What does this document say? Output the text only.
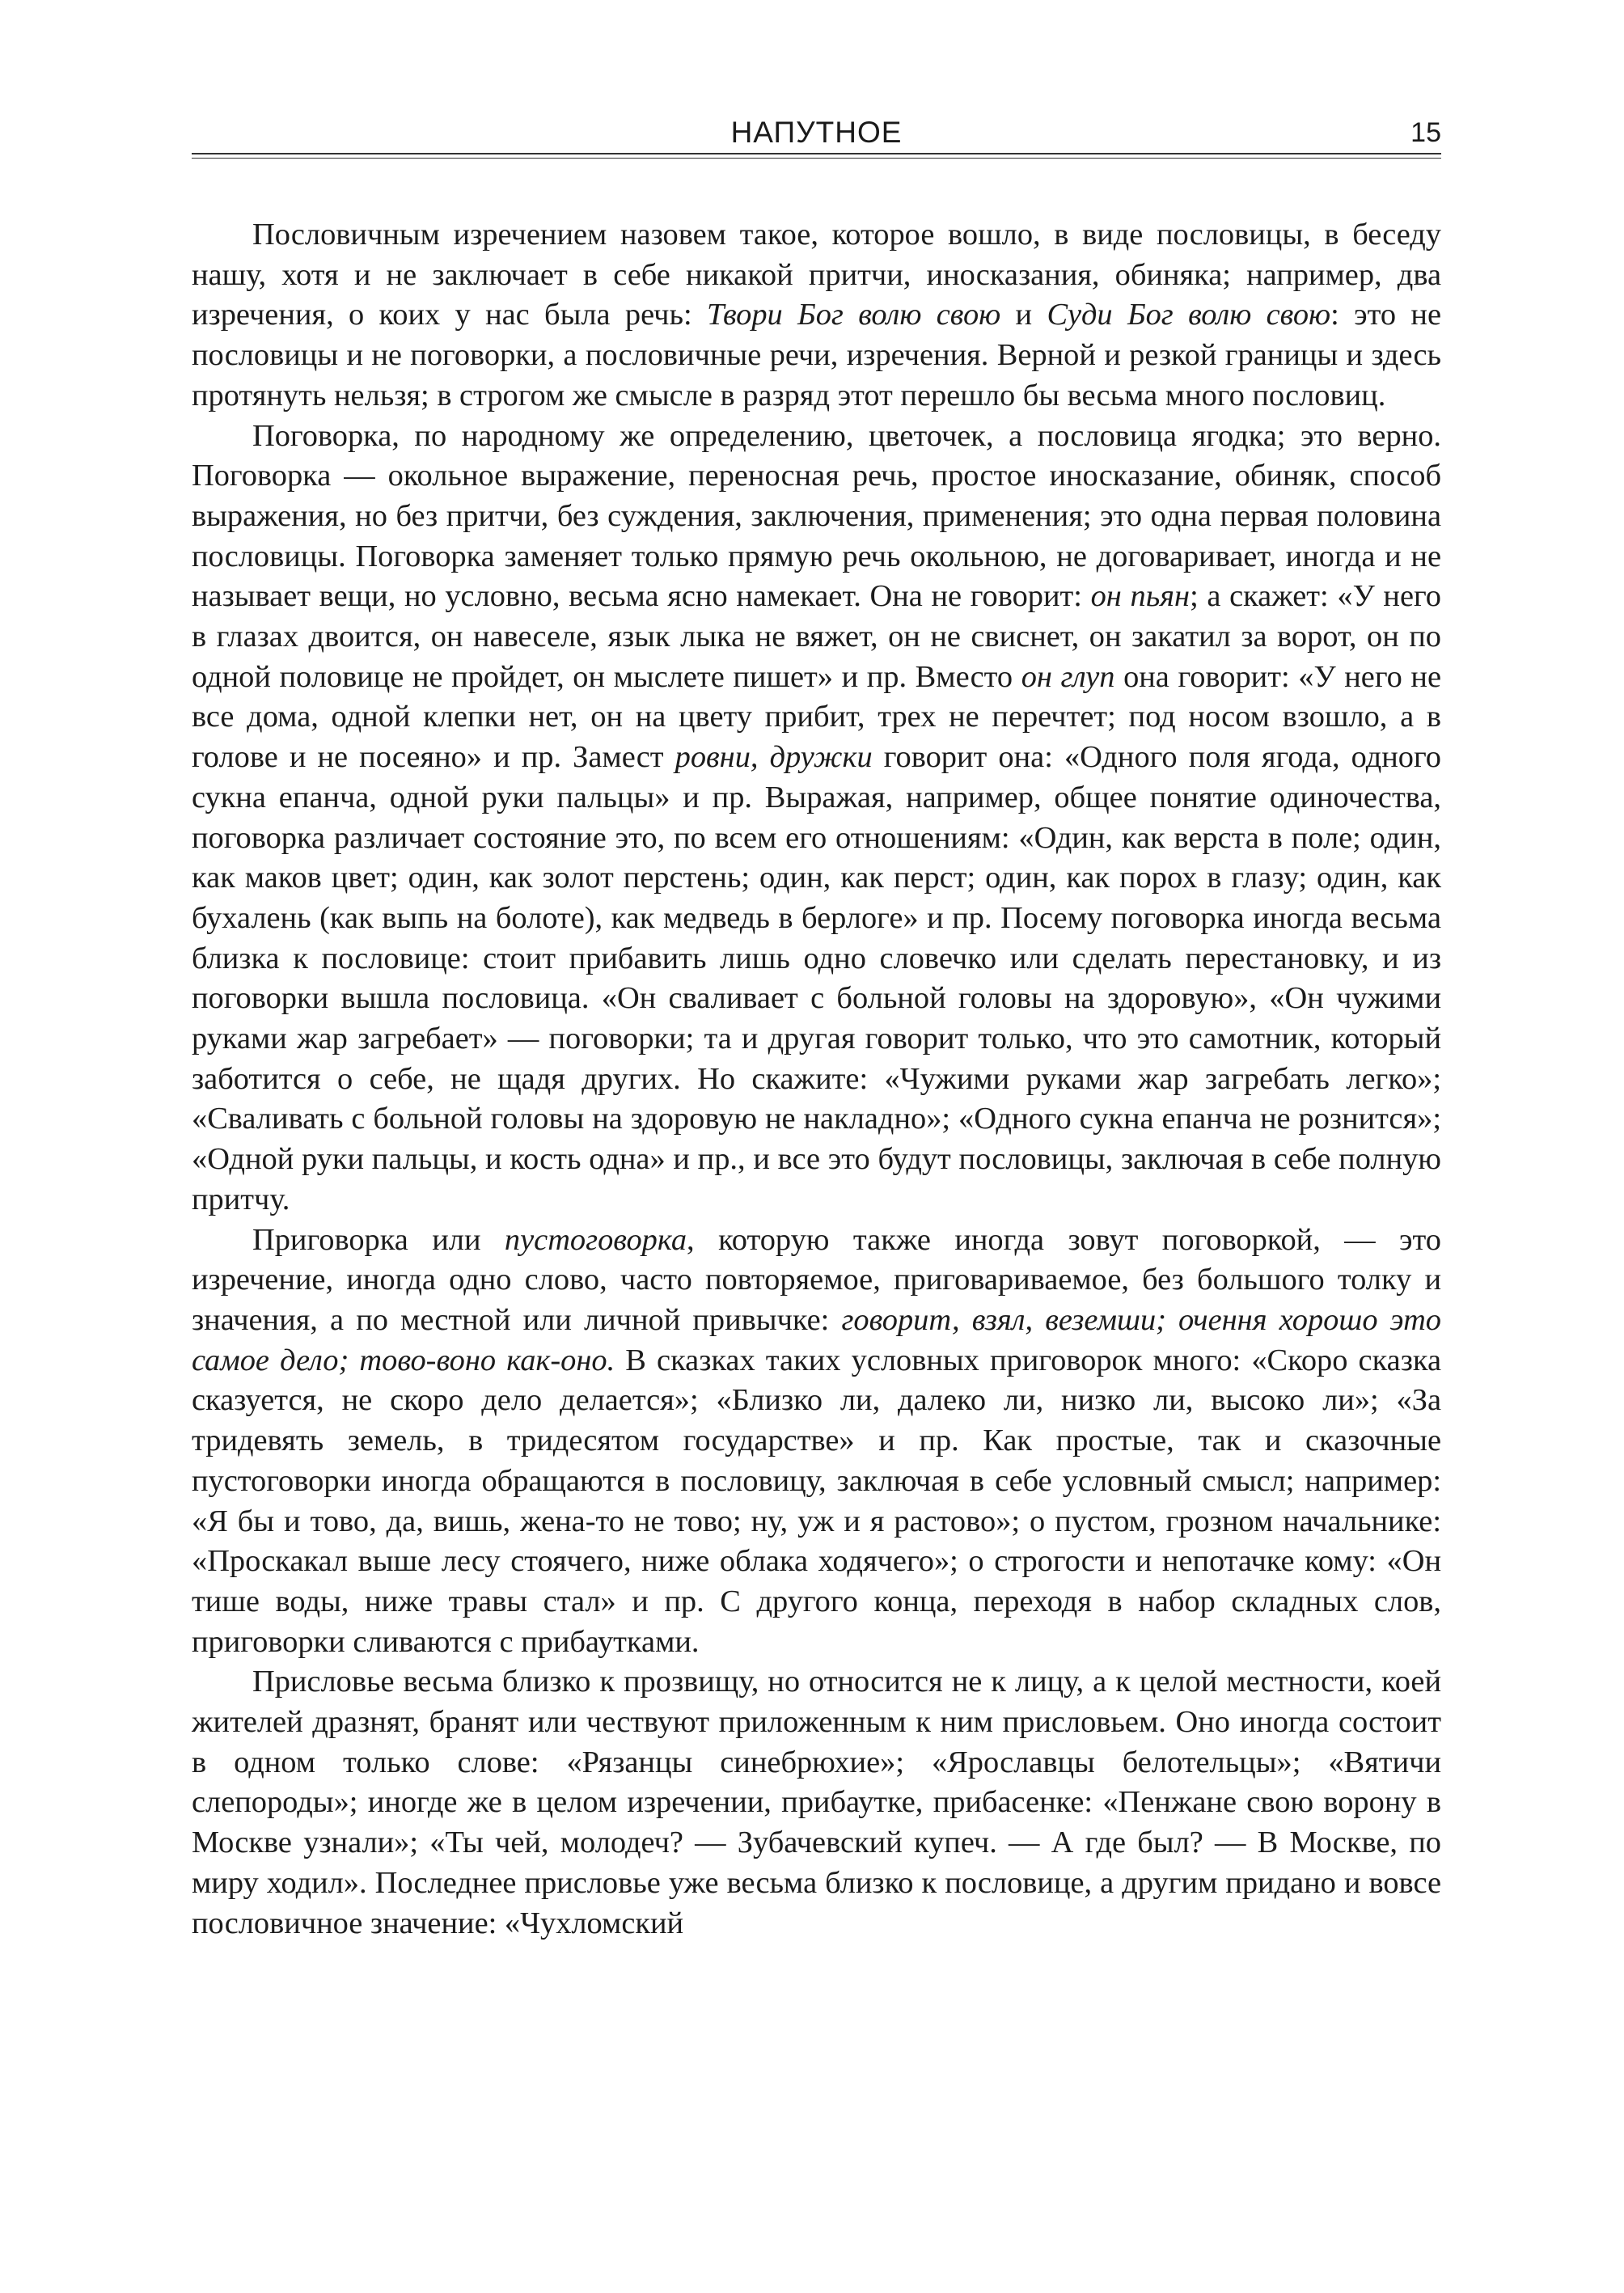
НАПУТНОЕ	15

Пословичным изречением назовем такое, которое вошло, в виде пословицы, в беседу нашу, хотя и не заключает в себе никакой притчи, иносказания, обиняка; например, два изречения, о коих у нас была речь: Твори Бог волю свою и Суди Бог волю свою: это не пословицы и не поговорки, а пословичные речи, изречения. Верной и резкой границы и здесь протянуть нельзя; в строгом же смысле в разряд этот перешло бы весьма много пословиц.

Поговорка, по народному же определению, цветочек, а пословица ягодка; это верно. Поговорка — окольное выражение, переносная речь, простое иносказание, обиняк, способ выражения, но без притчи, без суждения, заключения, применения; это одна первая половина пословицы. Поговорка заменяет только прямую речь окольною, не договаривает, иногда и не называет вещи, но условно, весьма ясно намекает. Она не говорит: он пьян; а скажет: «У него в глазах двоится, он навеселе, язык лыка не вяжет, он не свиснет, он закатил за ворот, он по одной половице не пройдет, он мыслете пишет» и пр. Вместо он глуп она говорит: «У него не все дома, одной клепки нет, он на цвету прибит, трех не перечтет; под носом взошло, а в голове и не посеяно» и пр. Замест ровни, дружки говорит она: «Одного поля ягода, одного сукна епанча, одной руки пальцы» и пр. Выражая, например, общее понятие одиночества, поговорка различает состояние это, по всем его отношениям: «Один, как верста в поле; один, как маков цвет; один, как золот перстень; один, как перст; один, как порох в глазу; один, как бухалень (как выпь на болоте), как медведь в берлоге» и пр. Посему поговорка иногда весьма близка к пословице: стоит прибавить лишь одно словечко или сделать перестановку, и из поговорки вышла пословица. «Он сваливает с больной головы на здоровую», «Он чужими руками жар загребает» — поговорки; та и другая говорит только, что это самотник, который заботится о себе, не щадя других. Но скажите: «Чужими руками жар загребать легко»; «Сваливать с больной головы на здоровую не накладно»; «Одного сукна епанча не рознится»; «Одной руки пальцы, и кость одна» и пр., и все это будут пословицы, заключая в себе полную притчу.

Приговорка или пустоговорка, которую также иногда зовут поговоркой, — это изречение, иногда одно слово, часто повторяемое, приговариваемое, без большого толку и значения, а по местной или личной привычке: говорит, взял, веземши; очення хорошо это самое дело; тово-воно как-оно. В сказках таких условных приговорок много: «Скоро сказка сказуется, не скоро дело делается»; «Близко ли, далеко ли, низко ли, высоко ли»; «За тридевять земель, в тридесятом государстве» и пр. Как простые, так и сказочные пустоговорки иногда обращаются в пословицу, заключая в себе условный смысл; например: «Я бы и тово, да, вишь, жена-то не тово; ну, уж и я растово»; о пустом, грозном начальнике: «Проскакал выше лесу стоячего, ниже облака ходячего»; о строгости и непотачке кому: «Он тише воды, ниже травы стал» и пр. С другого конца, переходя в набор складных слов, приговорки сливаются с прибаутками.

Присловье весьма близко к прозвищу, но относится не к лицу, а к целой местности, коей жителей дразнят, бранят или чествуют приложенным к ним присловьем. Оно иногда состоит в одном только слове: «Рязанцы синебрюхие»; «Ярославцы белотельцы»; «Вятичи слепороды»; иногде же в целом изречении, прибаутке, прибасенке: «Пенжане свою ворону в Москве узнали»; «Ты чей, молодеч? — Зубачевский купеч. — А где был? — В Москве, по миру ходил». Последнее присловье уже весьма близко к пословице, а другим придано и вовсе пословичное значение: «Чухломский
